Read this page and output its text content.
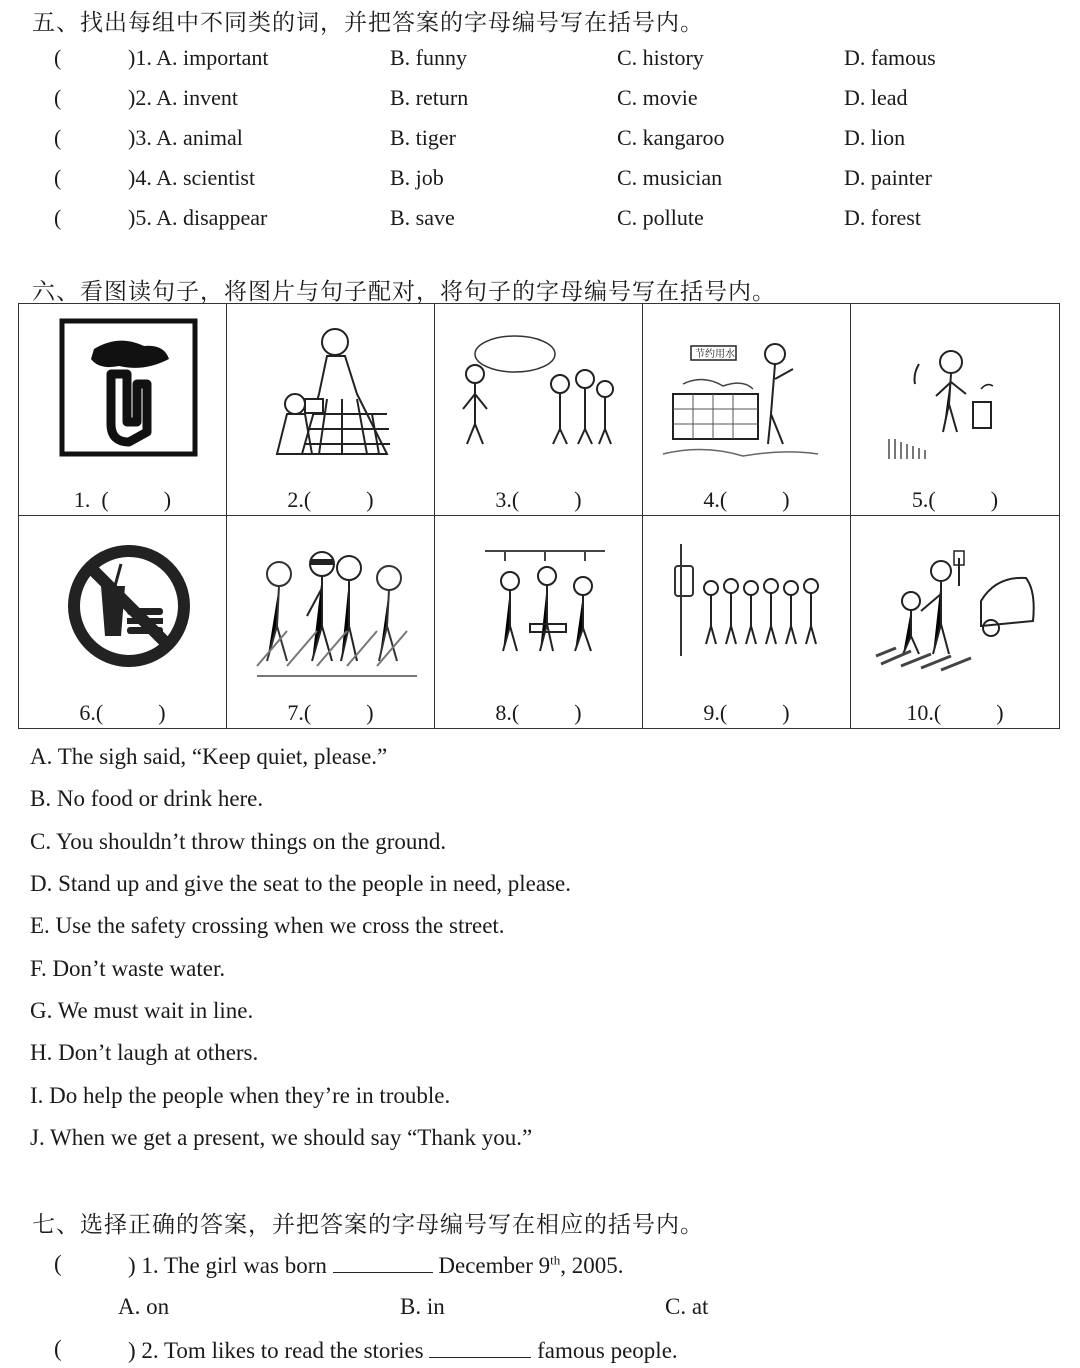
五、找出每组中不同类的词，并把答案的字母编号写在括号内。
(	)1. A. important	B. funny	C. history	D. famous
(	)2. A. invent	B. return	C. movie	D. lead
(	)3. A. animal	B. tiger	C. kangaroo	D. lion
(	)4. A. scientist	B. job	C. musician	D. painter
(	)5. A. disappear	B. save	C. pollute	D. forest
六、看图读句子，将图片与句子配对，将句子的字母编号写在括号内。
1.  (          )	2.(          )	3.(          )
节约用水
4.(          )	5.(          )
6.(          )	7.(          )	8.(          )	9.(          )	10.(          )
A. The sigh said, “Keep quiet, please.”
B. No food or drink here.
C. You shouldn’t throw things on the ground.
D. Stand up and give the seat to the people in need, please.
E. Use the safety crossing when we cross the street.
F. Don’t waste water.
G. We must wait in line.
H. Don’t laugh at others.
I. Do help the people when they’re in trouble.
J. When we get a present, we should say “Thank you.”
七、选择正确的答案，并把答案的字母编号写在相应的括号内。
(	) 1. The girl was born	December 9th, 2005.
A. on	B. in	C. at
(	) 2. Tom likes to read the stories	famous people.
